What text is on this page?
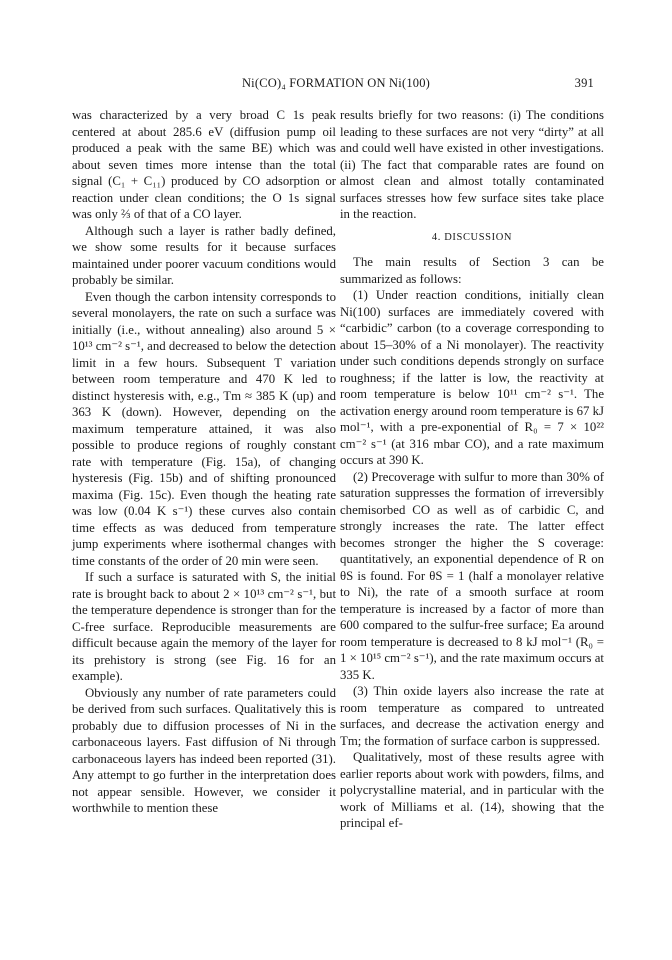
Ni(CO)₄ FORMATION ON Ni(100)	391

was characterized by a very broad C 1s peak centered at about 285.6 eV (diffusion pump oil produced a peak with the same BE) which was about seven times more intense than the total signal (C₁ + C₁₁) produced by CO adsorption or reaction under clean conditions; the O 1s signal was only ⅔ of that of a CO layer.

Although such a layer is rather badly defined, we show some results for it because surfaces maintained under poorer vacuum conditions would probably be similar.

Even though the carbon intensity corresponds to several monolayers, the rate on such a surface was initially (i.e., without annealing) also around 5 × 10¹³ cm⁻² s⁻¹, and decreased to below the detection limit in a few hours. Subsequent T variation between room temperature and 470 K led to distinct hysteresis with, e.g., Tm ≈ 385 K (up) and 363 K (down). However, depending on the maximum temperature attained, it was also possible to produce regions of roughly constant rate with temperature (Fig. 15a), of changing hysteresis (Fig. 15b) and of shifting pronounced maxima (Fig. 15c). Even though the heating rate was low (0.04 K s⁻¹) these curves also contain time effects as was deduced from temperature jump experiments where isothermal changes with time constants of the order of 20 min were seen.

If such a surface is saturated with S, the initial rate is brought back to about 2 × 10¹³ cm⁻² s⁻¹, but the temperature dependence is stronger than for the C-free surface. Reproducible measurements are difficult because again the memory of the layer for its prehistory is strong (see Fig. 16 for an example).

Obviously any number of rate parameters could be derived from such surfaces. Qualitatively this is probably due to diffusion processes of Ni in the carbonaceous layers. Fast diffusion of Ni through carbonaceous layers has indeed been reported (31). Any attempt to go further in the interpretation does not appear sensible. However, we consider it worthwhile to mention these

results briefly for two reasons: (i) The conditions leading to these surfaces are not very “dirty” at all and could well have existed in other investigations. (ii) The fact that comparable rates are found on almost clean and almost totally contaminated surfaces stresses how few surface sites take place in the reaction.

4. DISCUSSION

The main results of Section 3 can be summarized as follows:

(1) Under reaction conditions, initially clean Ni(100) surfaces are immediately covered with “carbidic” carbon (to a coverage corresponding to about 15–30% of a Ni monolayer). The reactivity under such conditions depends strongly on surface roughness; if the latter is low, the reactivity at room temperature is below 10¹¹ cm⁻² s⁻¹. The activation energy around room temperature is 67 kJ mol⁻¹, with a pre-exponential of R₀ = 7 × 10²² cm⁻² s⁻¹ (at 316 mbar CO), and a rate maximum occurs at 390 K.

(2) Precoverage with sulfur to more than 30% of saturation suppresses the formation of irreversibly chemisorbed CO as well as of carbidic C, and strongly increases the rate. The latter effect becomes stronger the higher the S coverage: quantitatively, an exponential dependence of R on θS is found. For θS = 1 (half a monolayer relative to Ni), the rate of a smooth surface at room temperature is increased by a factor of more than 600 compared to the sulfur-free surface; Ea around room temperature is decreased to 8 kJ mol⁻¹ (R₀ = 1 × 10¹⁵ cm⁻² s⁻¹), and the rate maximum occurs at 335 K.

(3) Thin oxide layers also increase the rate at room temperature as compared to untreated surfaces, and decrease the activation energy and Tm; the formation of surface carbon is suppressed.

Qualitatively, most of these results agree with earlier reports about work with powders, films, and polycrystalline material, and in particular with the work of Milliams et al. (14), showing that the principal ef-
